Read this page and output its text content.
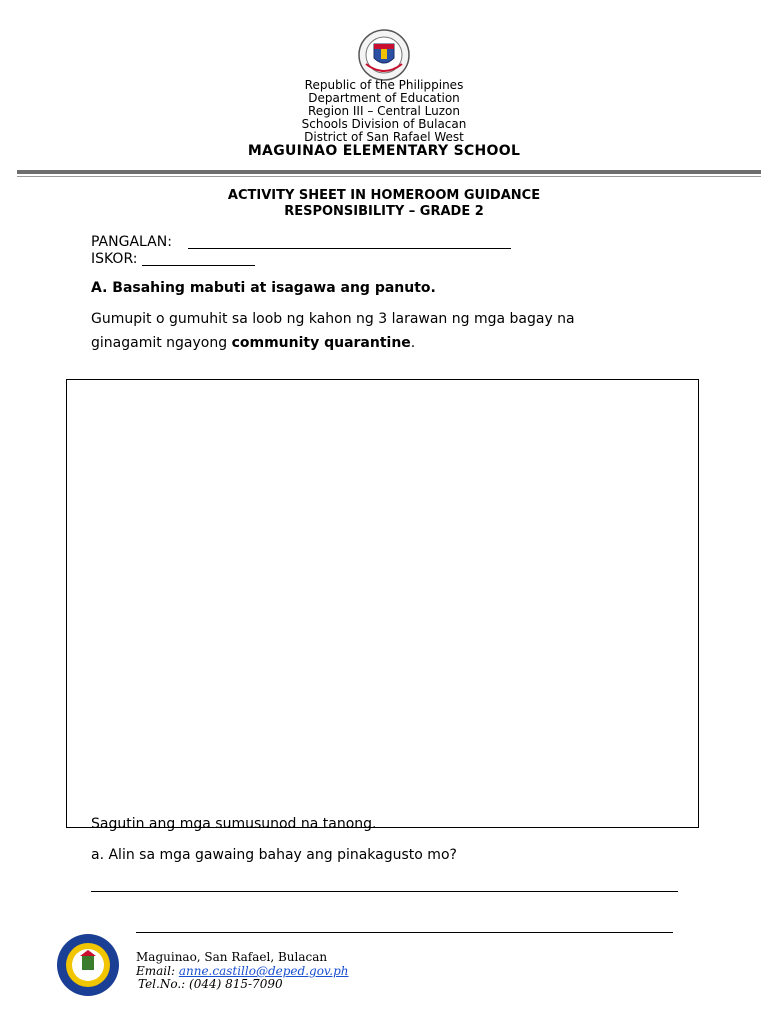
Republic of the Philippines
Department of Education
Region III – Central Luzon
Schools Division of Bulacan
District of San Rafael West
MAGUINAO ELEMENTARY SCHOOL
ACTIVITY SHEET IN HOMEROOM GUIDANCE
RESPONSIBILITY – GRADE 2
PANGALAN:
ISKOR:
A. Basahing mabuti at isagawa ang panuto.
Gumupit o gumuhit sa loob ng kahon ng 3 larawan ng mga bagay na
ginagamit ngayong community quarantine.
Sagutin ang mga sumusunod na tanong.
a. Alin sa mga gawaing bahay ang pinakagusto mo?
Maguinao, San Rafael, Bulacan
Email: anne.castillo@deped.gov.ph
Tel.No.: (044) 815-7090
